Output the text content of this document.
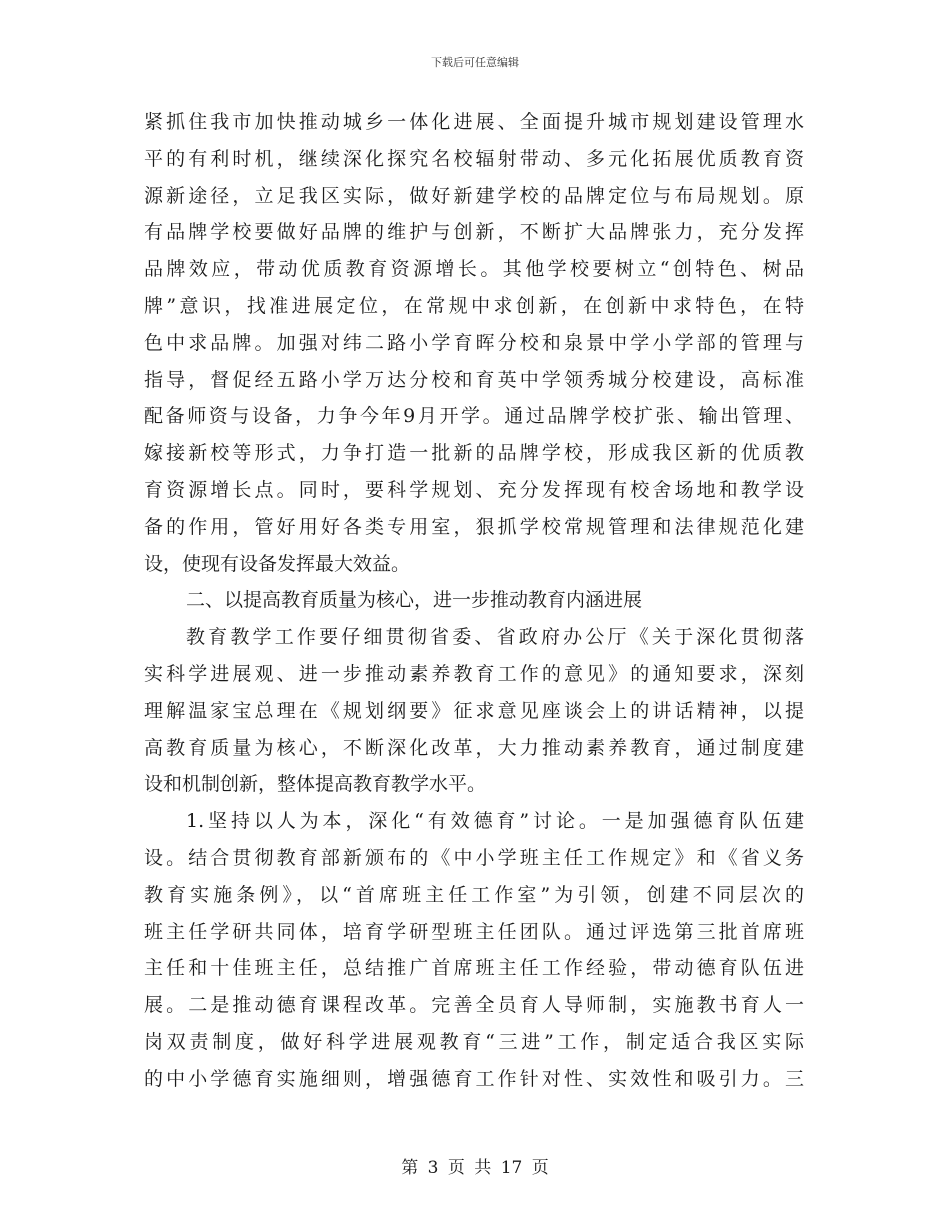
下载后可任意编辑
紧抓住我市加快推动城乡一体化进展、全面提升城市规划建设管理水
平的有利时机，继续深化探究名校辐射带动、多元化拓展优质教育资
源新途径，立足我区实际，做好新建学校的品牌定位与布局规划。原
有品牌学校要做好品牌的维护与创新，不断扩大品牌张力，充分发挥
品牌效应，带动优质教育资源增长。其他学校要树立“创特色、树品
牌”意识，找准进展定位，在常规中求创新，在创新中求特色，在特
色中求品牌。加强对纬二路小学育晖分校和泉景中学小学部的管理与
指导，督促经五路小学万达分校和育英中学领秀城分校建设，高标准
配备师资与设备，力争今年9月开学。通过品牌学校扩张、输出管理、
嫁接新校等形式，力争打造一批新的品牌学校，形成我区新的优质教
育资源增长点。同时，要科学规划、充分发挥现有校舍场地和教学设
备的作用，管好用好各类专用室，狠抓学校常规管理和法律规范化建
设，使现有设备发挥最大效益。
二、以提高教育质量为核心，进一步推动教育内涵进展
教育教学工作要仔细贯彻省委、省政府办公厅《关于深化贯彻落
实科学进展观、进一步推动素养教育工作的意见》的通知要求，深刻
理解温家宝总理在《规划纲要》征求意见座谈会上的讲话精神，以提
高教育质量为核心，不断深化改革，大力推动素养教育，通过制度建
设和机制创新，整体提高教育教学水平。
1.坚持以人为本，深化“有效德育”讨论。一是加强德育队伍建
设。结合贯彻教育部新颁布的《中小学班主任工作规定》和《省义务
教育实施条例》，以“首席班主任工作室”为引领，创建不同层次的
班主任学研共同体，培育学研型班主任团队。通过评选第三批首席班
主任和十佳班主任，总结推广首席班主任工作经验，带动德育队伍进
展。二是推动德育课程改革。完善全员育人导师制，实施教书育人一
岗双责制度，做好科学进展观教育“三进”工作，制定适合我区实际
的中小学德育实施细则，增强德育工作针对性、实效性和吸引力。三
第 3 页 共 17 页
